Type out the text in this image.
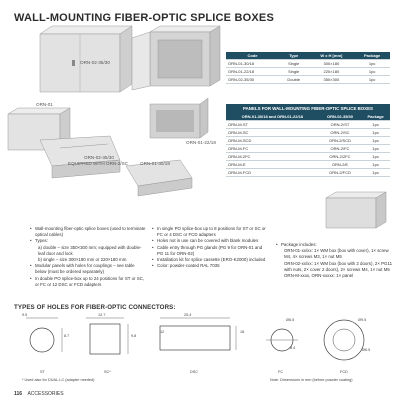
WALL-MOUNTING FIBER-OPTIC SPLICE BOXES
ORN-02-35/30
ORN-01
ORN-01-22/18
ORN-02-35/30
EQUIPPED WITH ORN-2/SC	ORN-01-30/18
Code	Type	W x H [mm]	Package
ORN-01-30/18	Single	300×180	1pc
ORN-01-22/18	Single	220×180	1pc
ORN-02-35/30	Double	350×300	1pc
PANELS FOR WALL-MOUNTING FIBER-OPTIC SPLICE BOXES
ORN-01-30/18 and ORN-01-22/18	ORN-02-35/30	Package
ORN-M-ST	ORN-2/ST	1pc
ORN-M-SC	ORN-2/SC	1pc
ORN-M-SCD	ORN-2/SCD	1pc
ORN-M-FC	ORN-2/FC	1pc
ORN-M-2FC	ORN-2/2FC	1pc
ORN-M-E	ORN-2/E	1pc
ORN-M-FCD	ORN-2/FCD	1pc
• Wall-mounting fiber-optic splice boxes (used to terminate optical cables)
• Types:
a) double – size 350×300 mm; equipped with double-leaf door and lock
b) single – size 300×180 mm or 220×180 mm
• Modular panels with holes for couplings – see table below (must be ordered separately)
• In double PO splice-box up to 24 positions for ST or SC, or FC or 12 DSC or FCD adapters
• In single PO splice-box up to 8 positions for ST or SC or FC or 4 DSC or FCD adapters
• Holes not in use can be covered with blank modules
• Cable entry through PG glands (PG 9 for ORN-01 and PG 11 for ORN-02)
• Installation kit for splice cassette (ERO-K2000) included
• Color: powder-coated RAL 7035
• Package includes:
ORN-01-xx/xx: 1× WM box (box with cover), 1× screw M4, 4× screws M3, 1× nut M5
ORN-02-xx/xx: 1× WM box (box with 2 doors), 2× PG11 with nuts, 2× cover 2 doors), 2× screws M4, 1× nut M5
ORN-M-xxxx, ORN-xxxxx: 1× panel
TYPES OF HOLES FOR FIBER-OPTIC CONNECTORS:
9.5
8.7
12.7
9.8
25.4
18
12
Ø6.5
8.4
Ø9.5
Ø6.5
ST	SC*	DSC	FC	FCD
* Used also for DUAL-LC (adapter needed)	Note: Dimensions in mm (before powder coating)
116 ACCESSORIES
